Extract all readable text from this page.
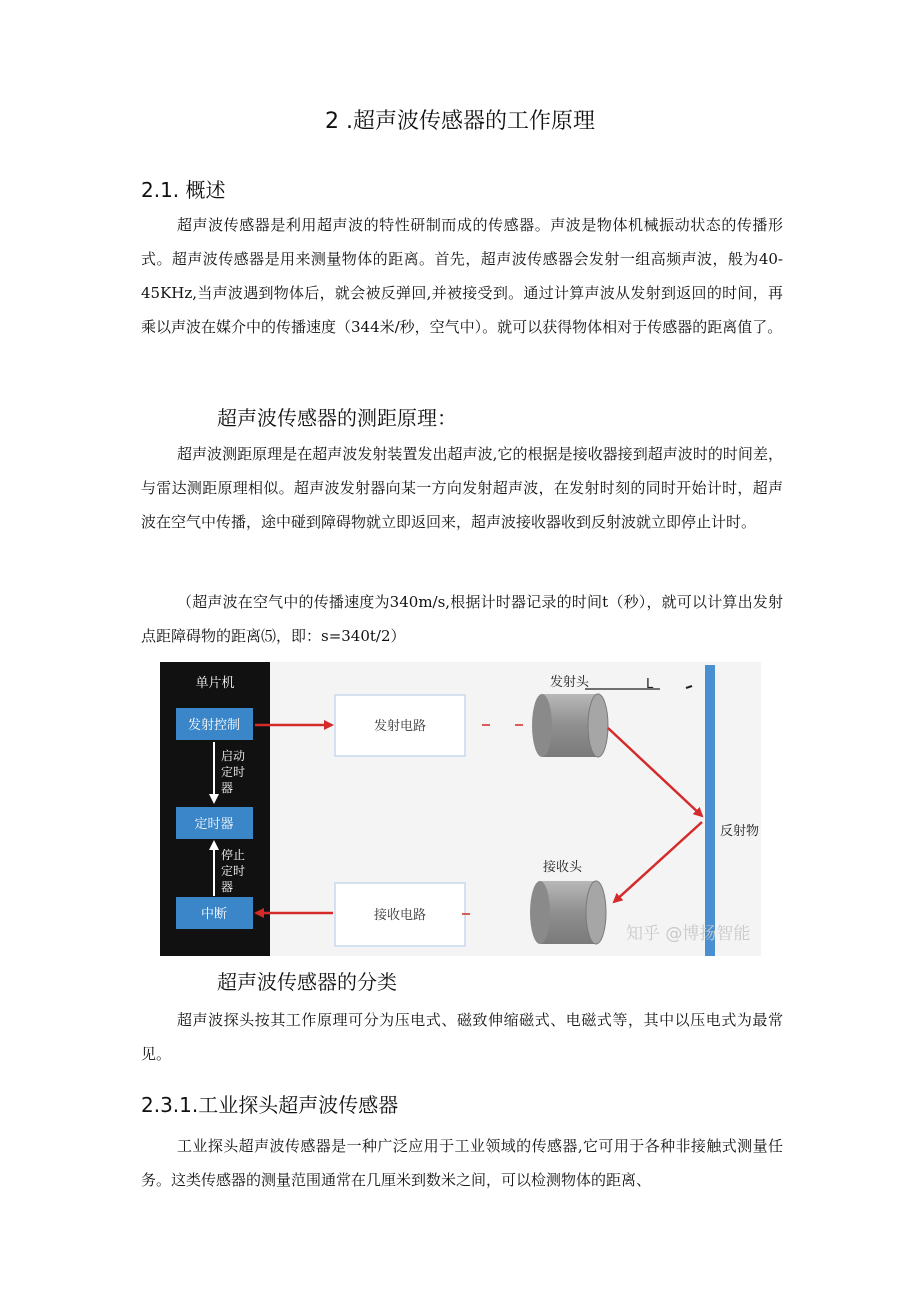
2 .超声波传感器的工作原理
2.1. 概述

超声波传感器是利用超声波的特性研制而成的传感器。声波是物体机械振动状态的传播形式。超声波传感器是用来测量物体的距离。首先，超声波传感器会发射一组高频声波，般为40-45KHz,当声波遇到物体后，就会被反弹回,并被接受到。通过计算声波从发射到返回的时间，再乘以声波在媒介中的传播速度（344米/秒，空气中）。就可以获得物体相对于传感器的距离值了。

超声波传感器的测距原理：

超声波测距原理是在超声波发射装置发出超声波,它的根据是接收器接到超声波时的时间差，与雷达测距原理相似。超声波发射器向某一方向发射超声波，在发射时刻的同时开始计时，超声波在空气中传播，途中碰到障碍物就立即返回来，超声波接收器收到反射波就立即停止计时。

（超声波在空气中的传播速度为340m/s,根据计时器记录的时间t（秒），就可以计算出发射点距障碍物的距离⑸，即：s=340t/2）

单片机
发射控制
启动
定时
器
定时器
停止
定时
器
中断
发射电路
接收电路
发射头	L
接收头
反射物
知乎 @博扬智能
超声波传感器的分类

超声波探头按其工作原理可分为压电式、磁致伸缩磁式、电磁式等，其中以压电式为最常见。

2.3.1.工业探头超声波传感器

工业探头超声波传感器是一种广泛应用于工业领域的传感器,它可用于各种非接触式测量任务。这类传感器的测量范围通常在几厘米到数米之间，可以检测物体的距离、
